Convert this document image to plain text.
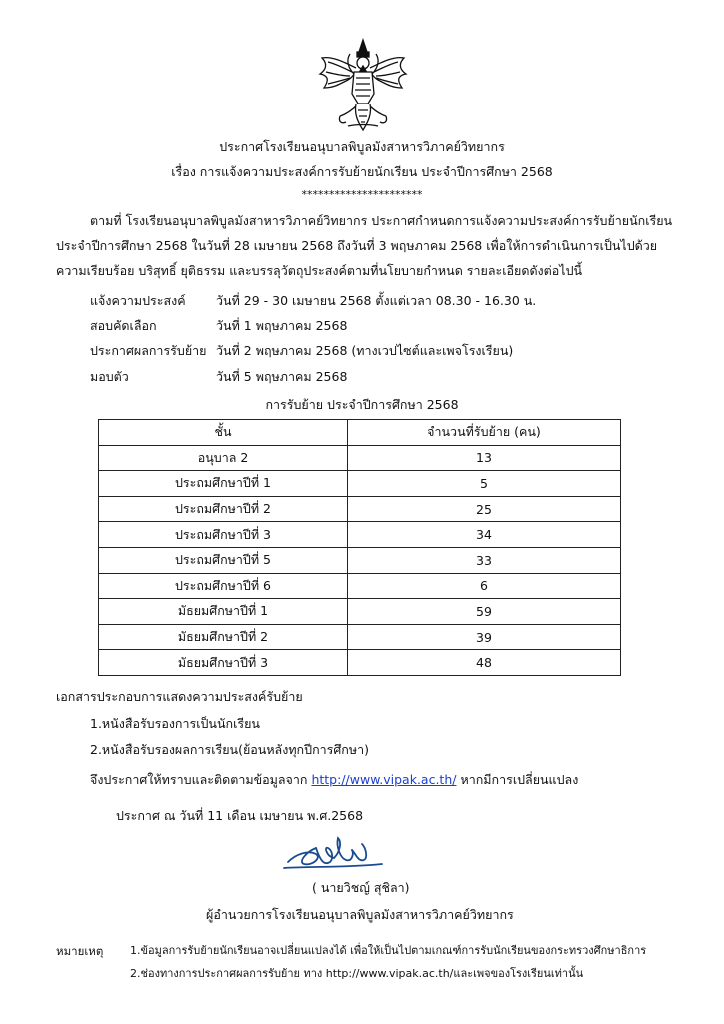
ประกาศโรงเรียนอนุบาลพิบูลมังสาหารวิภาคย์วิทยากร
เรื่อง การแจ้งความประสงค์การรับย้ายนักเรียน ประจำปีการศึกษา 2568
**********************
ตามที่ โรงเรียนอนุบาลพิบูลมังสาหารวิภาคย์วิทยากร ประกาศกำหนดการแจ้งความประสงค์การรับย้ายนักเรียน
ประจำปีการศึกษา 2568 ในวันที่ 28 เมษายน 2568 ถึงวันที่ 3 พฤษภาคม 2568 เพื่อให้การดำเนินการเป็นไปด้วย
ความเรียบร้อย บริสุทธิ์ ยุติธรรม และบรรลุวัตถุประสงค์ตามที่นโยบายกำหนด รายละเอียดดังต่อไปนี้
แจ้งความประสงค์ วันที่ 29 - 30 เมษายน 2568 ตั้งแต่เวลา 08.30 - 16.30 น.
สอบคัดเลือก	วันที่ 1 พฤษภาคม 2568
ประกาศผลการรับย้าย วันที่ 2 พฤษภาคม 2568 (ทางเวปไซต์และเพจโรงเรียน)
มอบตัว	วันที่ 5 พฤษภาคม 2568
การรับย้าย ประจำปีการศึกษา 2568
ชั้น	จำนวนที่รับย้าย (คน)
อนุบาล 2	13
ประถมศึกษาปีที่ 1	5
ประถมศึกษาปีที่ 2	25
ประถมศึกษาปีที่ 3	34
ประถมศึกษาปีที่ 5	33
ประถมศึกษาปีที่ 6	6
มัธยมศึกษาปีที่ 1	59
มัธยมศึกษาปีที่ 2	39
มัธยมศึกษาปีที่ 3	48
เอกสารประกอบการแสดงความประสงค์รับย้าย
1.หนังสือรับรองการเป็นนักเรียน
2.หนังสือรับรองผลการเรียน(ย้อนหลังทุกปีการศึกษา)
จึงประกาศให้ทราบและติดตามข้อมูลจาก http://www.vipak.ac.th/ หากมีการเปลี่ยนแปลง
ประกาศ ณ วันที่ 11 เดือน เมษายน พ.ศ.2568
( นายวิชญ์ สุชิลา)
ผู้อำนวยการโรงเรียนอนุบาลพิบูลมังสาหารวิภาคย์วิทยากร
หมายเหตุ 1.ข้อมูลการรับย้ายนักเรียนอาจเปลี่ยนแปลงได้ เพื่อให้เป็นไปตามเกณฑ์การรับนักเรียนของกระทรวงศึกษาธิการ
2.ช่องทางการประกาศผลการรับย้าย ทาง http://www.vipak.ac.th/และเพจของโรงเรียนเท่านั้น
